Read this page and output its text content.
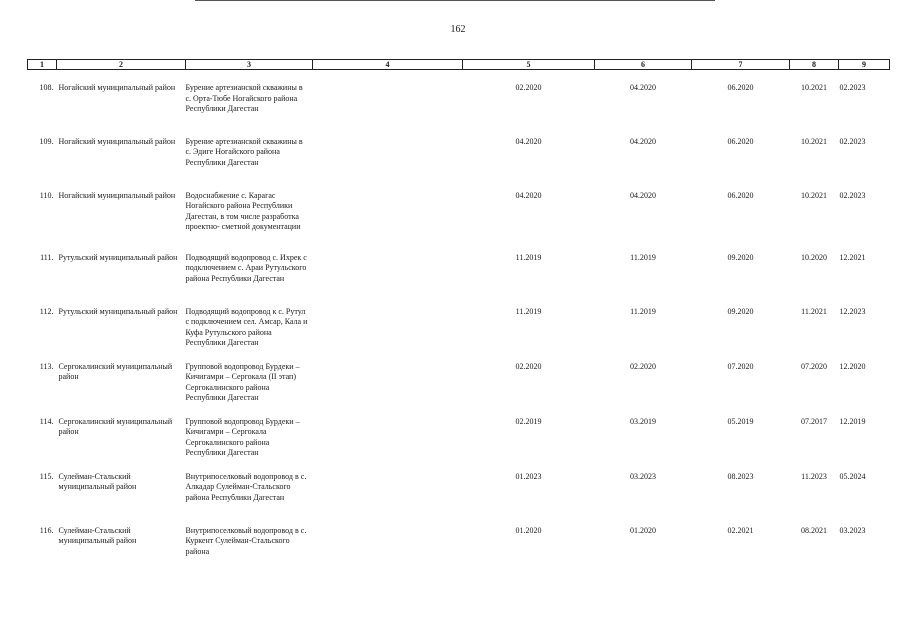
162
1	2	3	4	5	6	7	8	9
108.	Ногайский муниципальный район	Бурение артезианской скважины в с. Орта-Тюбе Ногайского района Республики Дагестан		02.2020	04.2020	06.2020	10.2021	02.2023
109.	Ногайский муниципальный район	Бурение артезианской скважины в с. Эдиге Ногайского района Республики Дагестан		04.2020	04.2020	06.2020	10.2021	02.2023
110.	Ногайский муниципальный район	Водоснабжение с. Карагас Ногайского района Республики Дагестан, в том числе разработка проектно- сметной документации		04.2020	04.2020	06.2020	10.2021	02.2023
111.	Рутульский муниципальный район	Подводящий водопровод с. Ихрек с подключением с. Араи Рутульского района Республики Дагестан		11.2019	11.2019	09.2020	10.2020	12.2021
112.	Рутульский муниципальный район	Подводящий водопровод к с. Рутул с подключением сел. Амсар, Кала и Куфа Рутульского района Республики Дагестан		11.2019	11.2019	09.2020	11.2021	12.2023
113.	Сергокалинский муниципальный район	Групповой водопровод Бурдеки – Кичигамри – Сергокала (II этап) Сергокалинского района Республики Дагестан		02.2020	02.2020	07.2020	07.2020	12.2020
114.	Сергокалинский муниципальный район	Групповой водопровод Бурдеки – Кичигамри – Сергокала Сергокалинского района Республики Дагестан		02.2019	03.2019	05.2019	07.2017	12.2019
115.	Сулейман-Стальский муниципальный район	Внутрипоселковый водопровод в с. Алкадар Сулейман-Стальского района Республики Дагестан		01.2023	03.2023	08.2023	11.2023	05.2024
116.	Сулейман-Стальский муниципальный район	Внутрипоселковый водопровод в с. Куркент Сулейман-Стальского района		01.2020	01.2020	02.2021	08.2021	03.2023
